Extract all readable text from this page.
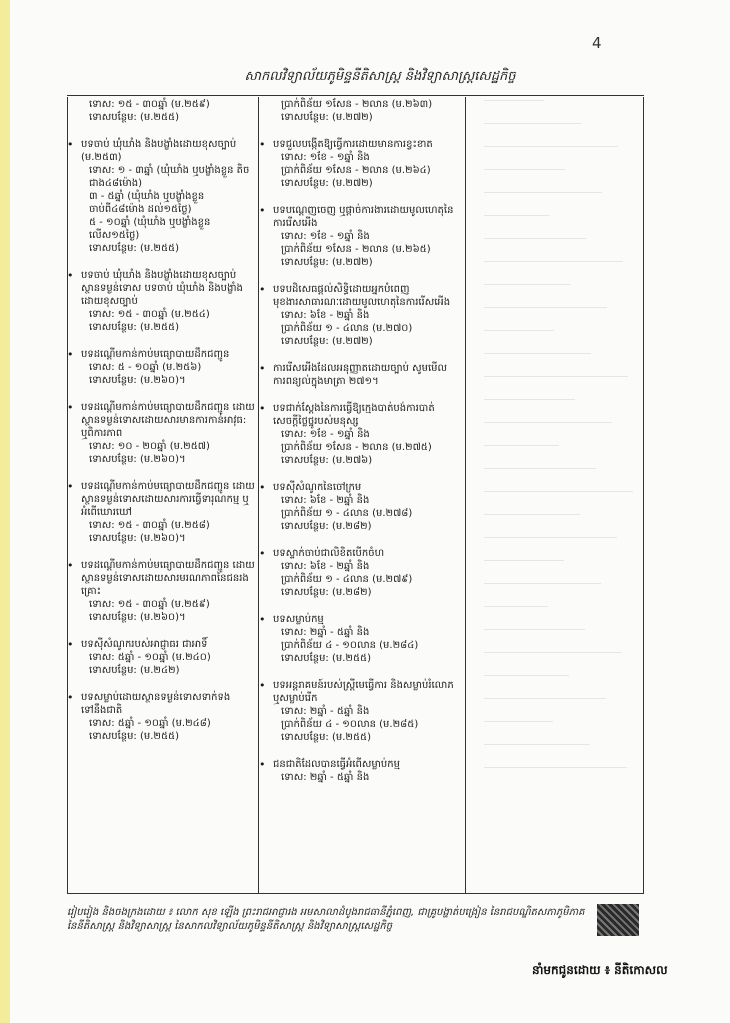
4
សាកលវិទ្យាល័យភូមិន្ទនីតិសាស្ត្រ និងវិទ្យាសាស្ត្រសេដ្ឋកិច្ច
ទោស: ១៥ - ៣០ឆ្នាំ (ម.២៥៩)
ទោសបន្ថែម: (ម.២៥៥)
• បទចាប់ ឃុំឃាំង និងបង្ខាំងដោយខុសច្បាប់ (ម.២៥៣)
ទោស: ១ - ៣ឆ្នាំ (ឃុំឃាំង ឬបង្ខាំងខ្លួន តិចជាង៤៨ម៉ោង)
៣ - ៥ឆ្នាំ (ឃុំឃាំង ឬបង្ខាំងខ្លួន ចាប់ពី៤៨ម៉ោង ដល់១៥ថ្ងៃ)
៥ - ១០ឆ្នាំ (ឃុំឃាំង ឬបង្ខាំងខ្លួន លើស១៥ថ្ងៃ)
ទោសបន្ថែម: (ម.២៥៥)
• បទចាប់ ឃុំឃាំង និងបង្ខាំងដោយខុសច្បាប់ ស្ថានទម្ងន់ទោស បទចាប់ ឃុំឃាំង និងបង្ខាំងដោយខុសច្បាប់
ទោស: ១៥ - ៣០ឆ្នាំ (ម.២៥៤)
ទោសបន្ថែម: (ម.២៥៥)
• បទដណ្តើមកាន់កាប់មធ្យោបាយដឹកជញ្ជូន
ទោស: ៥ - ១០ឆ្នាំ (ម.២៥៦)
ទោសបន្ថែម: (ម.២៦០)។
• បទដណ្តើមកាន់កាប់មធ្យោបាយដឹកជញ្ជូន ដោយ ស្ថានទម្ងន់ទោសដោយសារមានការកាន់អាវុធ: ឬពិការភាព
ទោស: ១០ - ២០ឆ្នាំ (ម.២៥៧)
ទោសបន្ថែម: (ម.២៦០)។
• បទដណ្តើមកាន់កាប់មធ្យោបាយដឹកជញ្ជូន ដោយស្ថានទម្ងន់ទោសដោយសារការធ្វើទារុណកម្ម ឬអំពើឃោរឃៅ
ទោស: ១៥ - ៣០ឆ្នាំ (ម.២៥៨)
ទោសបន្ថែម: (ម.២៦០)។
• បទដណ្តើមកាន់កាប់មធ្យោបាយដឹកជញ្ជូន ដោយស្ថានទម្ងន់ទោសដោយសារមរណភាពនៃជនរងគ្រោះ
ទោស: ១៥ - ៣០ឆ្នាំ (ម.២៥៩)
ទោសបន្ថែម: (ម.២៦០)។
• បទស៊ីសំណូករបស់អាជ្ញាធរ ជាអាទិ៍
ទោស: ៥ឆ្នាំ - ១០ឆ្នាំ (ម.២៤០)
ទោសបន្ថែម: (ម.២៤២)
• បទសម្លាប់ដោយស្ថានទម្ងន់ទោសទាក់ទងទៅនឹងជាតិ
ទោស: ៥ឆ្នាំ - ១០ឆ្នាំ (ម.២៤៨)
ទោសបន្ថែម: (ម.២៥៥)
ប្រាក់ពិន័យ ១សែន - ២លាន (ម.២៦៣)
ទោសបន្ថែម: (ម.២៧២)
• បទជួលបង្កើតឱ្យធ្វើការដោយមានការខ្វះខាត
ទោស: ១ខែ - ១ឆ្នាំ និង
ប្រាក់ពិន័យ ១សែន - ២លាន (ម.២៦៤)
ទោសបន្ថែម: (ម.២៧២)
• បទបណ្តេញចេញ ឬផ្តាច់ការងារដោយមូលហេតុនៃការរើសអើង
ទោស: ១ខែ - ១ឆ្នាំ និង
ប្រាក់ពិន័យ ១សែន - ២លាន (ម.២៦៥)
ទោសបន្ថែម: (ម.២៧២)
• បទបដិសេធផ្តល់សិទ្ធិដោយអ្នកបំពេញមុខងារសាធារណៈដោយមូលហេតុនៃការរើសអើង
ទោស: ៦ខែ - ២ឆ្នាំ និង
ប្រាក់ពិន័យ ១ - ៤លាន (ម.២៧០)
ទោសបន្ថែម: (ម.២៧២)
• ការរើសអើងដែលអនុញ្ញាតដោយច្បាប់ សូមមើលការពន្យល់ក្នុងមាត្រា ២៧១។
• បទជាក់ស្តែងនៃការធ្វើឱ្យក្មេងបាត់បង់ការបាត់សេចក្តីថ្លៃថ្នូរបស់មនុស្ស
ទោស: ១ខែ - ១ឆ្នាំ និង
ប្រាក់ពិន័យ ១សែន - ២លាន (ម.២៧៥)
ទោសបន្ថែម: (ម.២៧៦)
• បទស៊ីសំណូកនៃចៅក្រម
ទោស: ៦ខែ - ២ឆ្នាំ និង
ប្រាក់ពិន័យ ១ - ៤លាន (ម.២៧៨)
ទោសបន្ថែម: (ម.២៨២)
• បទស្ទាក់ចាប់ជាលិខិតបើកចំហ
ទោស: ៦ខែ - ២ឆ្នាំ និង
ប្រាក់ពិន័យ ១ - ៤លាន (ម.២៧៩)
ទោសបន្ថែម: (ម.២៨២)
• បទសម្លាប់កម្ម
ទោស: ២ឆ្នាំ - ៥ឆ្នាំ និង
ប្រាក់ពិន័យ ៤ - ១០លាន (ម.២៨៤)
ទោសបន្ថែម: (ម.២៥៥)
• បទអន្តរាគមន៍របស់ស្ត្រីមេធ្វើការ និងសម្លាប់រំលោភ ឬសម្លាប់រើក
ទោស: ២ឆ្នាំ - ៥ឆ្នាំ និង
ប្រាក់ពិន័យ ៤ - ១០លាន (ម.២៨៥)
ទោសបន្ថែម: (ម.២៥៥)
• ជនជាតិដែលបានធ្វើអំពើសម្លាប់កម្ម
ទោស: ២ឆ្នាំ - ៥ឆ្នាំ និង
រៀបរៀង និងចងក្រងដោយ ៖ លោក សុខ ឡើង ព្រះរាជអាជ្ញារង អមសាលាដំបូងរាជធានីភ្នំពេញ, ជាគ្រូបង្ហាត់បង្រៀន នៃរាជបណ្ឌិតសភាភូមិភាគ នៃនីតិសាស្ត្រ និងវិទ្យាសាស្ត្រ នៃសាកលវិទ្យាល័យភូមិន្ទនីតិសាស្ត្រ និងវិទ្យាសាស្ត្រសេដ្ឋកិច្ច
នាំមកជូនដោយ ៖ នីតិកោសល
